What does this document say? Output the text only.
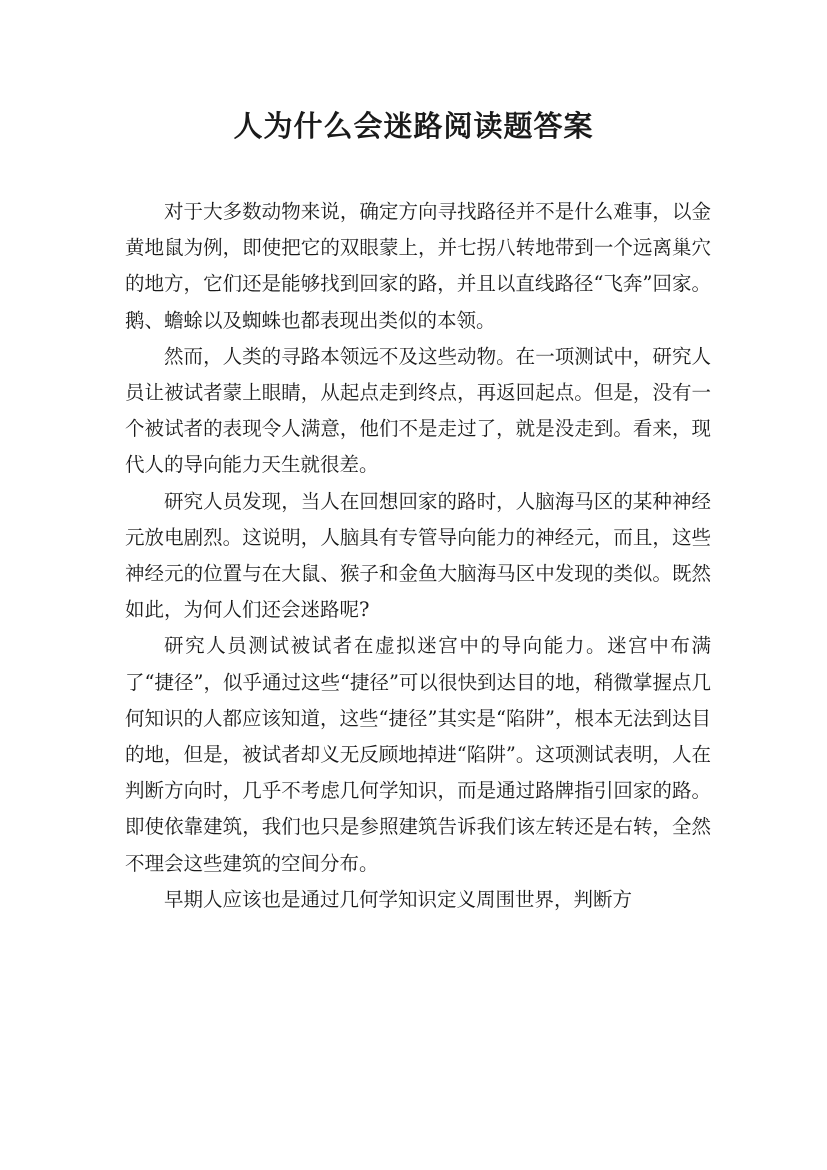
人为什么会迷路阅读题答案

对于大多数动物来说，确定方向寻找路径并不是什么难事，以金黄地鼠为例，即使把它的双眼蒙上，并七拐八转地带到一个远离巢穴的地方，它们还是能够找到回家的路，并且以直线路径“飞奔”回家。鹅、蟾蜍以及蜘蛛也都表现出类似的本领。

然而，人类的寻路本领远不及这些动物。在一项测试中，研究人员让被试者蒙上眼睛，从起点走到终点，再返回起点。但是，没有一个被试者的表现令人满意，他们不是走过了，就是没走到。看来，现代人的导向能力天生就很差。

研究人员发现，当人在回想回家的路时，人脑海马区的某种神经元放电剧烈。这说明，人脑具有专管导向能力的神经元，而且，这些神经元的位置与在大鼠、猴子和金鱼大脑海马区中发现的类似。既然如此，为何人们还会迷路呢?

研究人员测试被试者在虚拟迷宫中的导向能力。迷宫中布满了“捷径”，似乎通过这些“捷径”可以很快到达目的地，稍微掌握点几何知识的人都应该知道，这些“捷径”其实是“陷阱”，根本无法到达目的地，但是，被试者却义无反顾地掉进“陷阱”。这项测试表明，人在判断方向时，几乎不考虑几何学知识，而是通过路牌指引回家的路。即使依靠建筑，我们也只是参照建筑告诉我们该左转还是右转，全然不理会这些建筑的空间分布。

早期人应该也是通过几何学知识定义周围世界，判断方
